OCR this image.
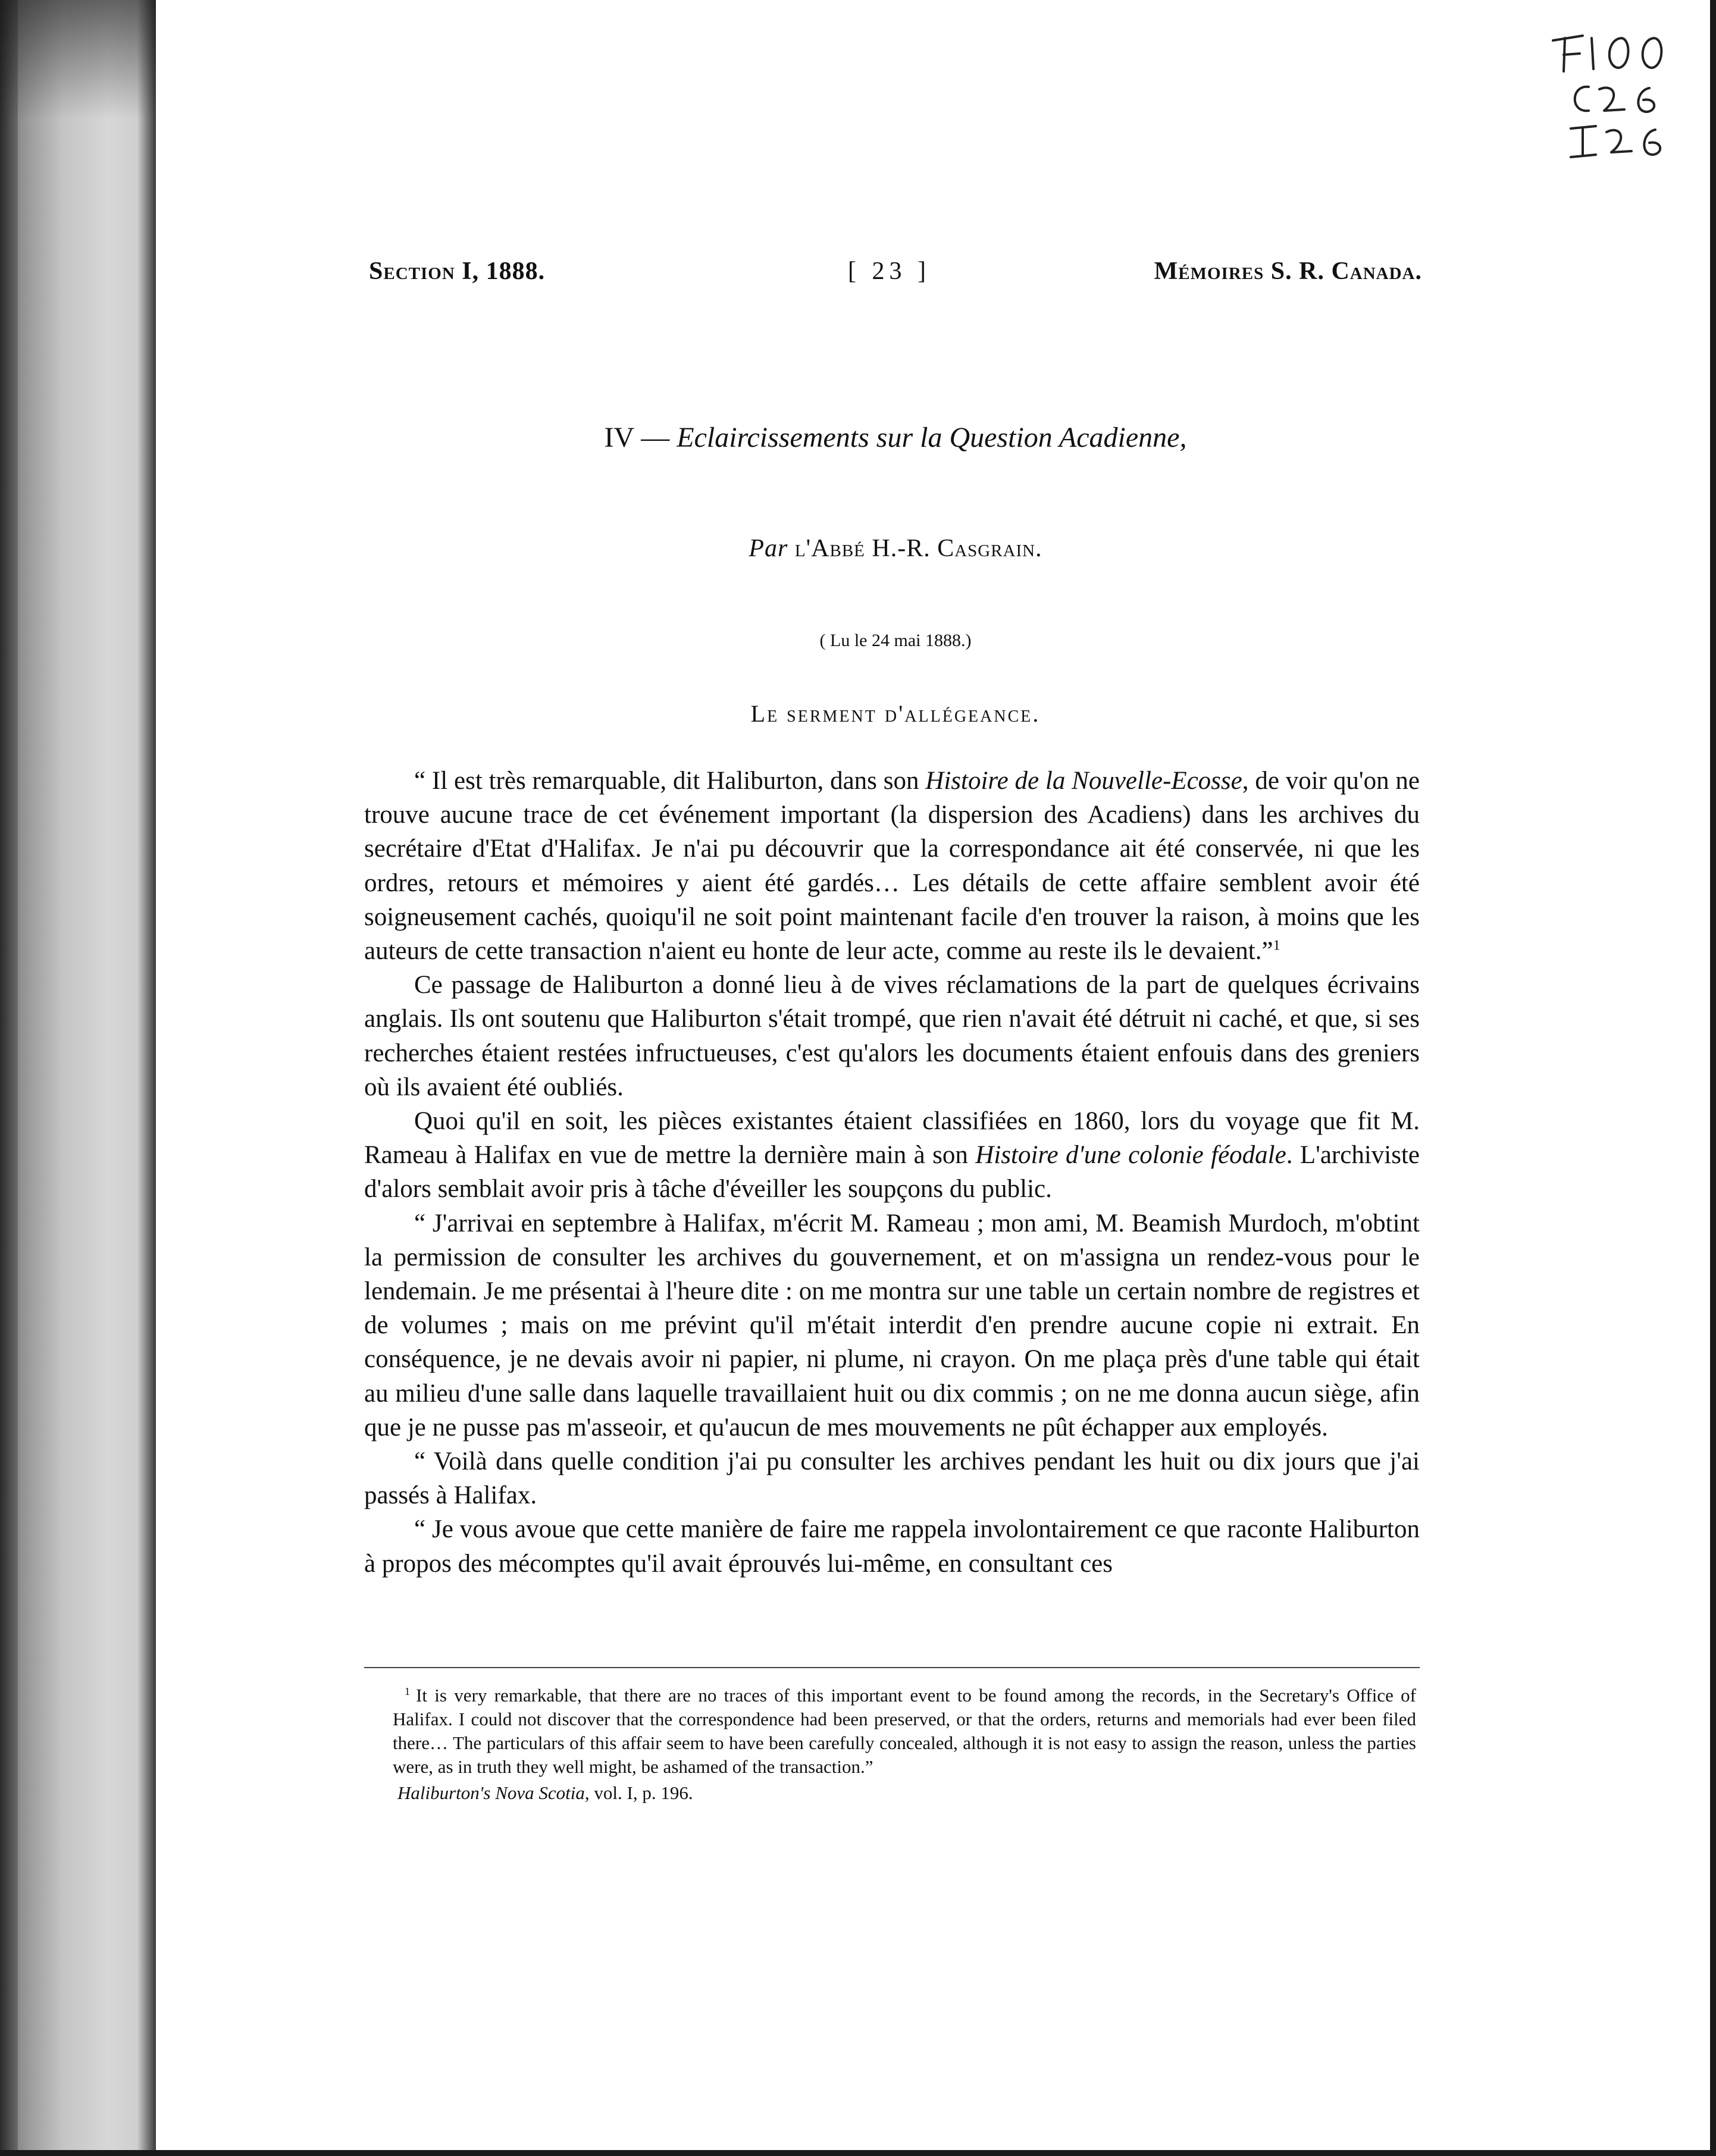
Section I, 1888.	[ 23 ]	Mémoires S. R. Canada.
IV — Eclaircissements sur la Question Acadienne,
Par l'Abbé H.-R. Casgrain.
( Lu le 24 mai 1888.)
Le serment d'allégeance.

“ Il est très remarquable, dit Haliburton, dans son Histoire de la Nouvelle-Ecosse, de voir qu'on ne trouve aucune trace de cet événement important (la dispersion des Acadiens) dans les archives du secrétaire d'Etat d'Halifax. Je n'ai pu découvrir que la correspondance ait été conservée, ni que les ordres, retours et mémoires y aient été gardés… Les détails de cette affaire semblent avoir été soigneusement cachés, quoiqu'il ne soit point maintenant facile d'en trouver la raison, à moins que les auteurs de cette transaction n'aient eu honte de leur acte, comme au reste ils le devaient.”$^1$

Ce passage de Haliburton a donné lieu à de vives réclamations de la part de quelques écrivains anglais. Ils ont soutenu que Haliburton s'était trompé, que rien n'avait été détruit ni caché, et que, si ses recherches étaient restées infructueuses, c'est qu'alors les documents étaient enfouis dans des greniers où ils avaient été oubliés.

Quoi qu'il en soit, les pièces existantes étaient classifiées en 1860, lors du voyage que fit M. Rameau à Halifax en vue de mettre la dernière main à son Histoire d'une colonie féodale. L'archiviste d'alors semblait avoir pris à tâche d'éveiller les soupçons du public.

“ J'arrivai en septembre à Halifax, m'écrit M. Rameau ; mon ami, M. Beamish Murdoch, m'obtint la permission de consulter les archives du gouvernement, et on m'assigna un rendez-vous pour le lendemain. Je me présentai à l'heure dite : on me montra sur une table un certain nombre de registres et de volumes ; mais on me prévint qu'il m'était interdit d'en prendre aucune copie ni extrait. En conséquence, je ne devais avoir ni papier, ni plume, ni crayon. On me plaça près d'une table qui était au milieu d'une salle dans laquelle travaillaient huit ou dix commis ; on ne me donna aucun siège, afin que je ne pusse pas m'asseoir, et qu'aucun de mes mouvements ne pût échapper aux employés.

“ Voilà dans quelle condition j'ai pu consulter les archives pendant les huit ou dix jours que j'ai passés à Halifax.

“ Je vous avoue que cette manière de faire me rappela involontairement ce que raconte Haliburton à propos des mécomptes qu'il avait éprouvés lui-même, en consultant ces

$^1$ It is very remarkable, that there are no traces of this important event to be found among the records, in the Secretary's Office of Halifax. I could not discover that the correspondence had been preserved, or that the orders, returns and memorials had ever been filed there… The particulars of this affair seem to have been carefully concealed, although it is not easy to assign the reason, unless the parties were, as in truth they well might, be ashamed of the transaction.”

Haliburton's Nova Scotia, vol. I, p. 196.
